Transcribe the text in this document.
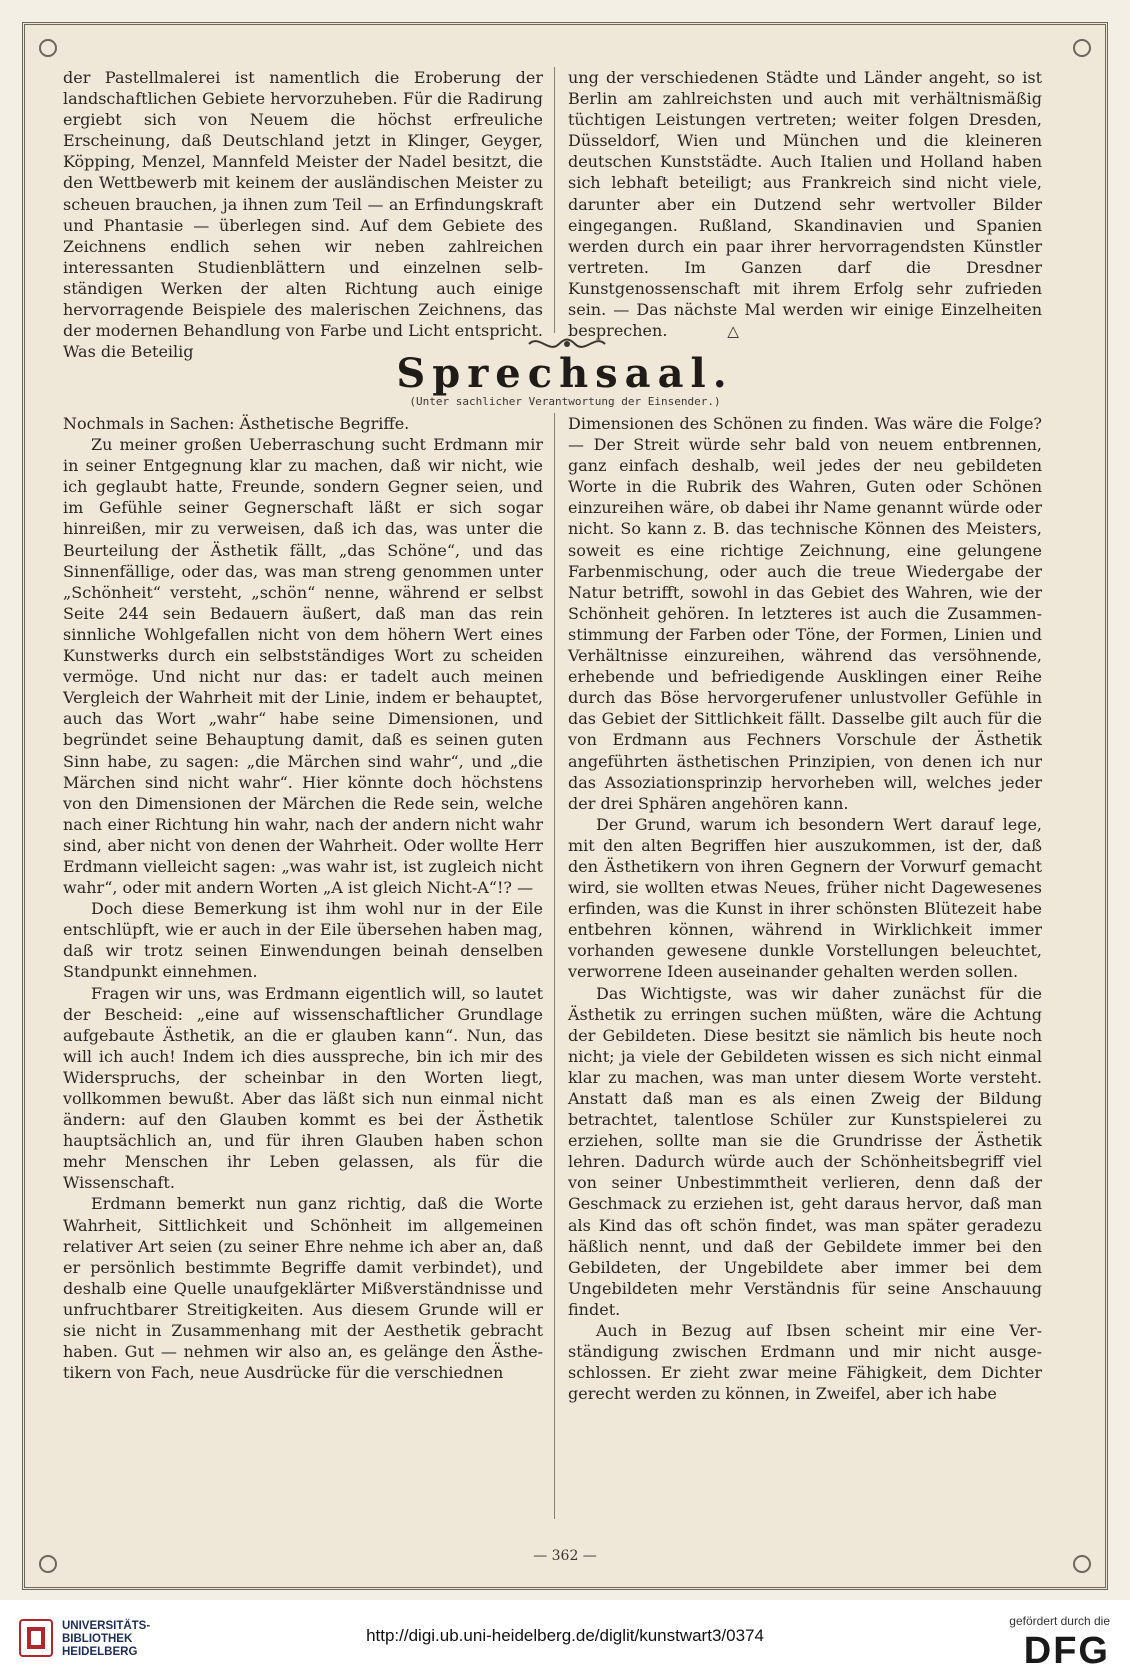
der Pastellmalerei ist namentlich die Eroberung der landschaftlichen Gebiete hervorzuheben. Für die Radirung ergiebt sich von Neuem die höchst erfreuliche Erscheinung, daß Deutschland jetzt in Klinger, Geyger, Köpping, Menzel, Mannfeld Meister der Nadel besitzt, die den Wettbewerb mit keinem der ausländischen Meister zu scheuen brauchen, ja ihnen zum Teil — an Erfindungskraft und Phantasie — überlegen sind. Auf dem Gebiete des Zeichnens endlich sehen wir neben zahlreichen interessanten Studienblättern und einzelnen selbständigen Werken der alten Richtung auch einige hervorragende Beispiele des malerischen Zeichnens, das der modernen Behandlung von Farbe und Licht entspricht. Was die Beteilig

ung der verschiedenen Städte und Länder angeht, so ist Berlin am zahlreichsten und auch mit verhältnismäßig tüchtigen Leistungen vertreten; weiter folgen Dresden, Düsseldorf, Wien und München und die kleineren deutschen Kunststädte. Auch Italien und Holland haben sich lebhaft beteiligt; aus Frankreich sind nicht viele, darunter aber ein Dutzend sehr wertvoller Bilder eingegangen. Rußland, Skandinavien und Spanien werden durch ein paar ihrer hervorragendsten Künstler vertreten. Im Ganzen darf die Dresdner Kunstgenossenschaft mit ihrem Erfolg sehr zufrieden sein. — Das nächste Mal werden wir einige Einzelheiten besprechen.	△

Sprechsaal.
(Unter sachlicher Verantwortung der Einsender.)

Nochmals in Sachen: Ästhetische Begriffe.

Zu meiner großen Ueberraschung sucht Erdmann mir in seiner Entgegnung klar zu machen, daß wir nicht, wie ich geglaubt hatte, Freunde, sondern Gegner seien, und im Gefühle seiner Gegnerschaft läßt er sich sogar hinreißen, mir zu verweisen, daß ich das, was unter die Beurteilung der Ästhetik fällt, „das Schöne“, und das Sinnenfällige, oder das, was man streng genommen unter „Schönheit“ versteht, „schön“ nenne, während er selbst Seite 244 sein Bedauern äußert, daß man das rein sinnliche Wohlgefallen nicht von dem höhern Wert eines Kunstwerks durch ein selbstständiges Wort zu scheiden vermöge. Und nicht nur das: er tadelt auch meinen Vergleich der Wahrheit mit der Linie, indem er behauptet, auch das Wort „wahr“ habe seine Dimensionen, und begründet seine Behauptung damit, daß es seinen guten Sinn habe, zu sagen: „die Märchen sind wahr“, und „die Märchen sind nicht wahr“. Hier könnte doch höchstens von den Dimensionen der Märchen die Rede sein, welche nach einer Richtung hin wahr, nach der andern nicht wahr sind, aber nicht von denen der Wahrheit. Oder wollte Herr Erdmann vielleicht sagen: „was wahr ist, ist zugleich nicht wahr“, oder mit andern Worten „A ist gleich Nicht-A“!? —

Doch diese Bemerkung ist ihm wohl nur in der Eile entschlüpft, wie er auch in der Eile übersehen haben mag, daß wir trotz seinen Einwendungen beinah denselben Standpunkt einnehmen.

Fragen wir uns, was Erdmann eigentlich will, so lautet der Bescheid: „eine auf wissenschaftlicher Grundlage aufgebaute Ästhetik, an die er glauben kann“. Nun, das will ich auch! Indem ich dies ausspreche, bin ich mir des Widerspruchs, der scheinbar in den Worten liegt, vollkommen bewußt. Aber das läßt sich nun einmal nicht ändern: auf den Glauben kommt es bei der Ästhetik hauptsächlich an, und für ihren Glauben haben schon mehr Menschen ihr Leben gelassen, als für die Wissenschaft.

Erdmann bemerkt nun ganz richtig, daß die Worte Wahrheit, Sittlichkeit und Schönheit im allgemeinen relativer Art seien (zu seiner Ehre nehme ich aber an, daß er persönlich bestimmte Begriffe damit verbindet), und deshalb eine Quelle unaufgeklärter Mißverständnisse und unfruchtbarer Streitigkeiten. Aus diesem Grunde will er sie nicht in Zusammenhang mit der Aesthetik gebracht haben. Gut — nehmen wir also an, es gelänge den Ästhetikern von Fach, neue Ausdrücke für die verschiednen

Dimensionen des Schönen zu finden. Was wäre die Folge? — Der Streit würde sehr bald von neuem entbrennen, ganz einfach deshalb, weil jedes der neu gebildeten Worte in die Rubrik des Wahren, Guten oder Schönen einzureihen wäre, ob dabei ihr Name genannt würde oder nicht. So kann z. B. das technische Können des Meisters, soweit es eine richtige Zeichnung, eine gelungene Farbenmischung, oder auch die treue Wiedergabe der Natur betrifft, sowohl in das Gebiet des Wahren, wie der Schönheit gehören. In letzteres ist auch die Zusammenstimmung der Farben oder Töne, der Formen, Linien und Verhältnisse einzureihen, während das versöhnende, erhebende und befriedigende Ausklingen einer Reihe durch das Böse hervorgerufener unlustvoller Gefühle in das Gebiet der Sittlichkeit fällt. Dasselbe gilt auch für die von Erdmann aus Fechners Vorschule der Ästhetik angeführten ästhetischen Prinzipien, von denen ich nur das Assoziationsprinzip hervorheben will, welches jeder der drei Sphären angehören kann.

Der Grund, warum ich besondern Wert darauf lege, mit den alten Begriffen hier auszukommen, ist der, daß den Ästhetikern von ihren Gegnern der Vorwurf gemacht wird, sie wollten etwas Neues, früher nicht Dagewesenes erfinden, was die Kunst in ihrer schönsten Blütezeit habe entbehren können, während in Wirklichkeit immer vorhanden gewesene dunkle Vorstellungen beleuchtet, verworrene Ideen auseinander gehalten werden sollen.

Das Wichtigste, was wir daher zunächst für die Ästhetik zu erringen suchen müßten, wäre die Achtung der Gebildeten. Diese besitzt sie nämlich bis heute noch nicht; ja viele der Gebildeten wissen es sich nicht einmal klar zu machen, was man unter diesem Worte versteht. Anstatt daß man es als einen Zweig der Bildung betrachtet, talentlose Schüler zur Kunstspielerei zu erziehen, sollte man sie die Grundrisse der Ästhetik lehren. Dadurch würde auch der Schönheitsbegriff viel von seiner Unbestimmtheit verlieren, denn daß der Geschmack zu erziehen ist, geht daraus hervor, daß man als Kind das oft schön findet, was man später geradezu häßlich nennt, und daß der Gebildete immer bei den Gebildeten, der Ungebildete aber immer bei dem Ungebildeten mehr Verständnis für seine Anschauung findet.

Auch in Bezug auf Ibsen scheint mir eine Verständigung zwischen Erdmann und mir nicht ausgeschlossen. Er zieht zwar meine Fähigkeit, dem Dichter gerecht werden zu können, in Zweifel, aber ich habe

— 362 —
UNIVERSITÄTS-
BIBLIOTHEK
HEIDELBERG
http://digi.ub.uni-heidelberg.de/diglit/kunstwart3/0374
gefördert durch die
DFG
